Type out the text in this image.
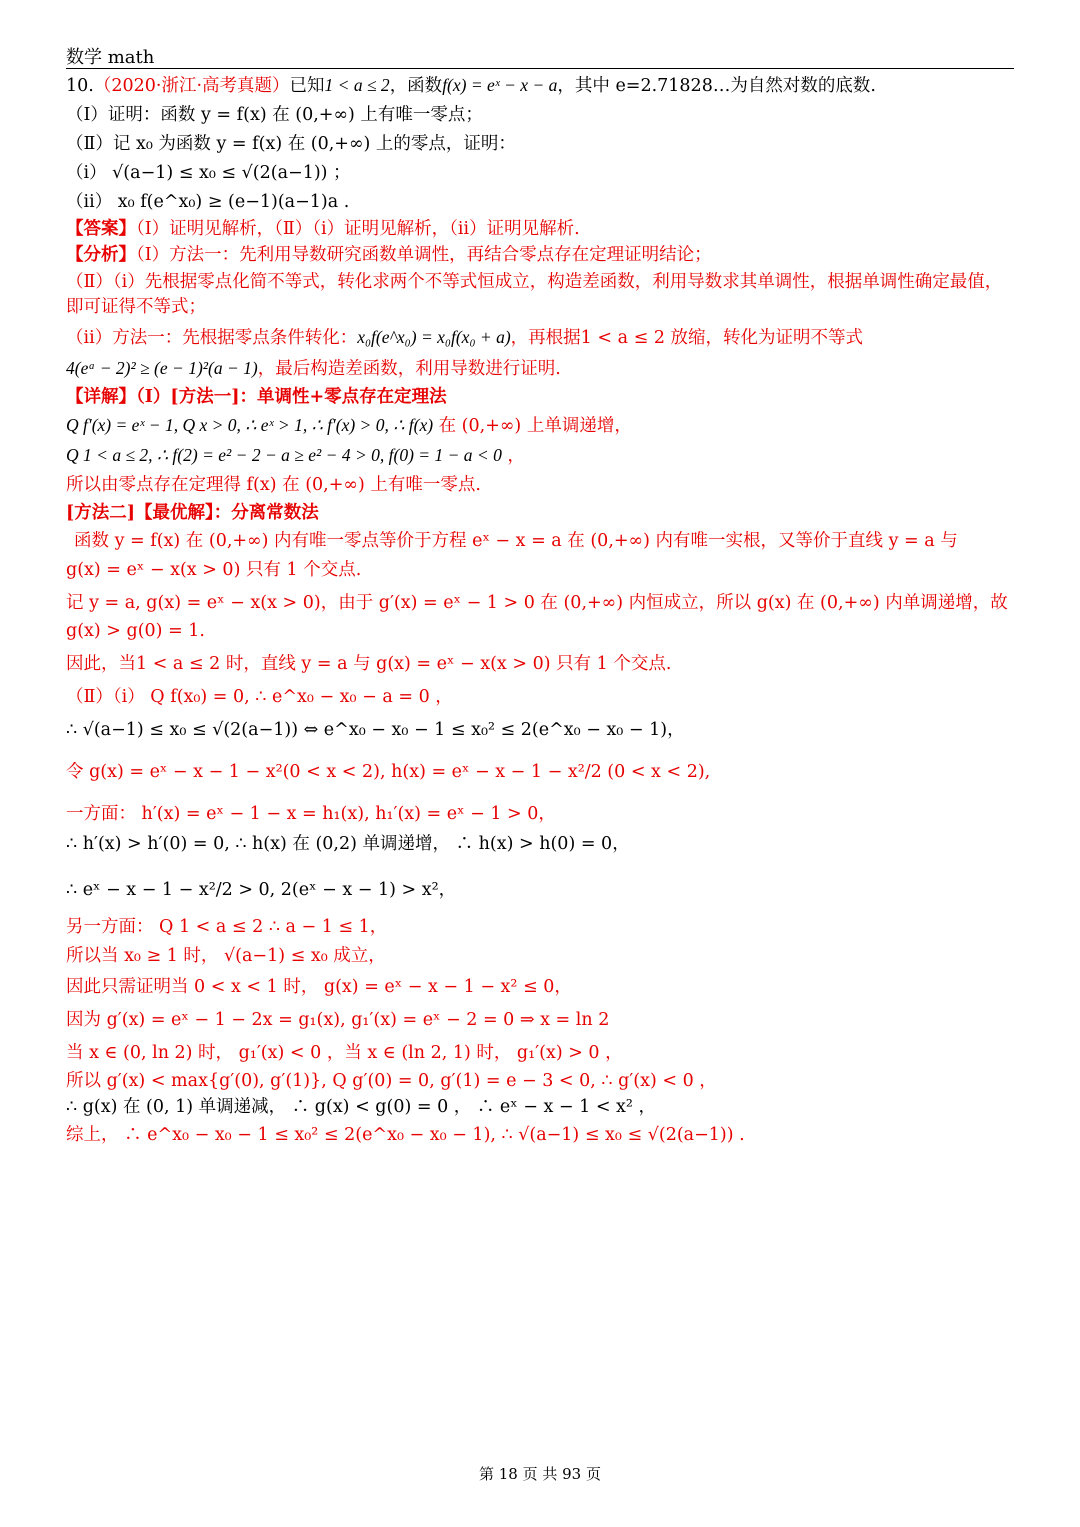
数学 math

10.（2020·浙江·高考真题）已知1 < a ≤ 2，函数f(x) = eˣ − x − a，其中 e=2.71828…为自然对数的底数.

（Ⅰ）证明：函数 y = f(x) 在 (0,+∞) 上有唯一零点；

（Ⅱ）记 x₀ 为函数 y = f(x) 在 (0,+∞) 上的零点，证明：

（ⅰ） √(a−1) ≤ x₀ ≤ √(2(a−1)) ；

（ⅱ） x₀ f(e^x₀) ≥ (e−1)(a−1)a .

【答案】（Ⅰ）证明见解析，（Ⅱ）（ⅰ）证明见解析，（ⅱ）证明见解析.

【分析】（Ⅰ）方法一：先利用导数研究函数单调性，再结合零点存在定理证明结论；

（Ⅱ）（ⅰ）先根据零点化简不等式，转化求两个不等式恒成立，构造差函数，利用导数求其单调性，根据单调性确定最值，即可证得不等式；

（ⅱ）方法一：先根据零点条件转化：x₀f(e^x₀) = x₀f(x₀ + a)，再根据1 < a ≤ 2 放缩，转化为证明不等式

4(eᵃ − 2)² ≥ (e − 1)²(a − 1)，最后构造差函数，利用导数进行证明.

【详解】（Ⅰ）[方法一]：单调性+零点存在定理法

Q f′(x) = eˣ − 1, Q x > 0, ∴ eˣ > 1, ∴ f′(x) > 0, ∴ f(x) 在 (0,+∞) 上单调递增，

Q 1 < a ≤ 2, ∴ f(2) = e² − 2 − a ≥ e² − 4 > 0, f(0) = 1 − a < 0 ，

所以由零点存在定理得 f(x) 在 (0,+∞) 上有唯一零点.

[方法二]【最优解】：分离常数法

函数 y = f(x) 在 (0,+∞) 内有唯一零点等价于方程 eˣ − x = a 在 (0,+∞) 内有唯一实根，又等价于直线 y = a 与

g(x) = eˣ − x(x > 0) 只有 1 个交点.

记 y = a, g(x) = eˣ − x(x > 0)，由于 g′(x) = eˣ − 1 > 0 在 (0,+∞) 内恒成立，所以 g(x) 在 (0,+∞) 内单调递增，故

g(x) > g(0) = 1.

因此，当1 < a ≤ 2 时，直线 y = a 与 g(x) = eˣ − x(x > 0) 只有 1 个交点.

（Ⅱ）（ⅰ） Q f(x₀) = 0, ∴ e^x₀ − x₀ − a = 0 ，

∴ √(a−1) ≤ x₀ ≤ √(2(a−1)) ⇔ e^x₀ − x₀ − 1 ≤ x₀² ≤ 2(e^x₀ − x₀ − 1)，

令 g(x) = eˣ − x − 1 − x²(0 < x < 2), h(x) = eˣ − x − 1 − x²/2 (0 < x < 2),

一方面： h′(x) = eˣ − 1 − x = h₁(x), h₁′(x) = eˣ − 1 > 0，

∴ h′(x) > h′(0) = 0, ∴ h(x) 在 (0,2) 单调递增， ∴ h(x) > h(0) = 0，

∴ eˣ − x − 1 − x²/2 > 0, 2(eˣ − x − 1) > x²，

另一方面： Q 1 < a ≤ 2 ∴ a − 1 ≤ 1，

所以当 x₀ ≥ 1 时， √(a−1) ≤ x₀ 成立，

因此只需证明当 0 < x < 1 时， g(x) = eˣ − x − 1 − x² ≤ 0，

因为 g′(x) = eˣ − 1 − 2x = g₁(x), g₁′(x) = eˣ − 2 = 0 ⇒ x = ln 2

当 x ∈ (0, ln 2) 时， g₁′(x) < 0 ，当 x ∈ (ln 2, 1) 时， g₁′(x) > 0 ，

所以 g′(x) < max{g′(0), g′(1)}, Q g′(0) = 0, g′(1) = e − 3 < 0, ∴ g′(x) < 0 ，

∴ g(x) 在 (0, 1) 单调递减， ∴ g(x) < g(0) = 0 ， ∴ eˣ − x − 1 < x² ，

综上， ∴ e^x₀ − x₀ − 1 ≤ x₀² ≤ 2(e^x₀ − x₀ − 1), ∴ √(a−1) ≤ x₀ ≤ √(2(a−1)) .

第 18 页 共 93 页
